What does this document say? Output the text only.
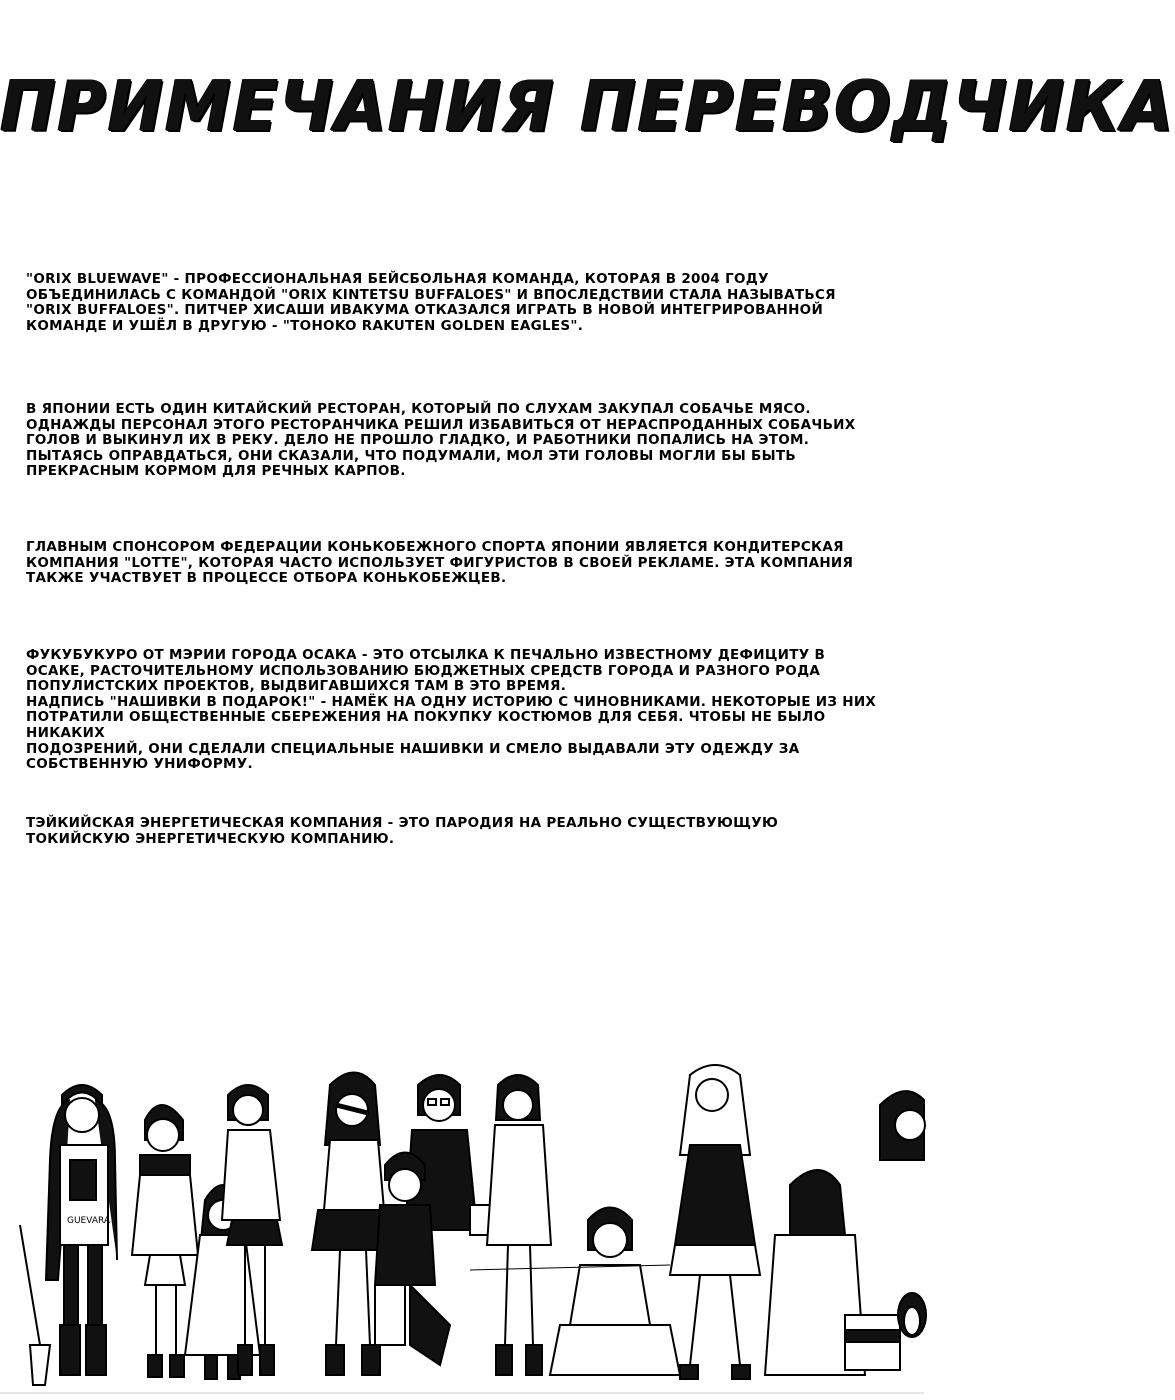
ПРИМЕЧАНИЯ ПЕРЕВОДЧИКА

"ORIX BLUEWAVE" - ПРОФЕССИОНАЛЬНАЯ БЕЙСБОЛЬНАЯ КОМАНДА, КОТОРАЯ В 2004 ГОДУ
ОБЪЕДИНИЛАСЬ С КОМАНДОЙ "ORIX KINTETSU BUFFALOES" И ВПОСЛЕДСТВИИ СТАЛА НАЗЫВАТЬСЯ
"ORIX BUFFALOES". ПИТЧЕР ХИСАШИ ИВАКУМА ОТКАЗАЛСЯ ИГРАТЬ В НОВОЙ ИНТЕГРИРОВАННОЙ
КОМАНДЕ И УШЁЛ В ДРУГУЮ - "TOHOKO RAKUTEN GOLDEN EAGLES".

В ЯПОНИИ ЕСТЬ ОДИН КИТАЙСКИЙ РЕСТОРАН, КОТОРЫЙ ПО СЛУХАМ ЗАКУПАЛ СОБАЧЬЕ МЯСО.
ОДНАЖДЫ ПЕРСОНАЛ ЭТОГО РЕСТОРАНЧИКА РЕШИЛ ИЗБАВИТЬСЯ ОТ НЕРАСПРОДАННЫХ СОБАЧЬИХ
ГОЛОВ И ВЫКИНУЛ ИХ В РЕКУ. ДЕЛО НЕ ПРОШЛО ГЛАДКО, И РАБОТНИКИ ПОПАЛИСЬ НА ЭТОМ.
ПЫТАЯСЬ ОПРАВДАТЬСЯ, ОНИ СКАЗАЛИ, ЧТО ПОДУМАЛИ, МОЛ ЭТИ ГОЛОВЫ МОГЛИ БЫ БЫТЬ
ПРЕКРАСНЫМ КОРМОМ ДЛЯ РЕЧНЫХ КАРПОВ.

ГЛАВНЫМ СПОНСОРОМ ФЕДЕРАЦИИ КОНЬКОБЕЖНОГО СПОРТА ЯПОНИИ ЯВЛЯЕТСЯ КОНДИТЕРСКАЯ
КОМПАНИЯ "LOTTE", КОТОРАЯ ЧАСТО ИСПОЛЬЗУЕТ ФИГУРИСТОВ В СВОЕЙ РЕКЛАМЕ. ЭТА КОМПАНИЯ
ТАКЖЕ УЧАСТВУЕТ В ПРОЦЕССЕ ОТБОРА КОНЬКОБЕЖЦЕВ.

ФУКУБУКУРО ОТ МЭРИИ ГОРОДА ОСАКА - ЭТО ОТСЫЛКА К ПЕЧАЛЬНО ИЗВЕСТНОМУ ДЕФИЦИТУ В
ОСАКЕ, РАСТОЧИТЕЛЬНОМУ ИСПОЛЬЗОВАНИЮ БЮДЖЕТНЫХ СРЕДСТВ ГОРОДА И РАЗНОГО РОДА
ПОПУЛИСТСКИХ ПРОЕКТОВ, ВЫДВИГАВШИХСЯ ТАМ В ЭТО ВРЕМЯ.
НАДПИСЬ "НАШИВКИ В ПОДАРОК!" - НАМЁК НА ОДНУ ИСТОРИЮ С ЧИНОВНИКАМИ. НЕКОТОРЫЕ ИЗ НИХ
ПОТРАТИЛИ ОБЩЕСТВЕННЫЕ СБЕРЕЖЕНИЯ НА ПОКУПКУ КОСТЮМОВ ДЛЯ СЕБЯ. ЧТОБЫ НЕ БЫЛО НИКАКИХ
ПОДОЗРЕНИЙ, ОНИ СДЕЛАЛИ СПЕЦИАЛЬНЫЕ НАШИВКИ И СМЕЛО ВЫДАВАЛИ ЭТУ ОДЕЖДУ ЗА
СОБСТВЕННУЮ УНИФОРМУ.

ТЭЙКИЙСКАЯ ЭНЕРГЕТИЧЕСКАЯ КОМПАНИЯ - ЭТО ПАРОДИЯ НА РЕАЛЬНО СУЩЕСТВУЮЩУЮ
ТОКИЙСКУЮ ЭНЕРГЕТИЧЕСКУЮ КОМПАНИЮ.

GUEVARA
